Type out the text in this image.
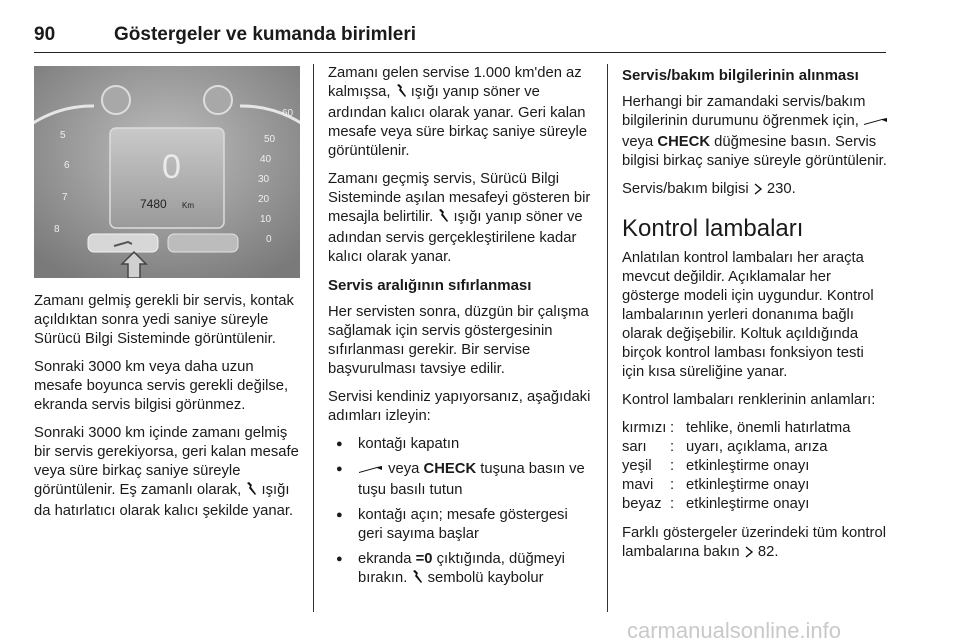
90	Göstergeler ve kumanda birimleri
5
6
7
8
60
50
40
30
20
10
0
0
7480 Km

Zamanı gelmiş gerekli bir servis, kontak açıldıktan sonra yedi saniye süreyle Sürücü Bilgi Sisteminde görüntülenir.

Sonraki 3000 km veya daha uzun mesafe boyunca servis gerekli değilse, ekranda servis bilgisi görünmez.

Sonraki 3000 km içinde zamanı gelmiş bir servis gerekiyorsa, geri kalan mesafe veya süre birkaç saniye süreyle görüntülenir. Eş zamanlı olarak, ışığı da hatırlatıcı olarak kalıcı şekilde yanar.

Zamanı gelen servise 1.000 km'den az kalmışsa, ışığı yanıp söner ve ardından kalıcı olarak yanar. Geri kalan mesafe veya süre birkaç saniye süreyle görüntülenir.

Zamanı geçmiş servis, Sürücü Bilgi Sisteminde aşılan mesafeyi gösteren bir mesajla belirtilir. ışığı yanıp söner ve adından servis gerçekleştirilene kadar kalıcı olarak yanar.

Servis aralığının sıfırlanması

Her servisten sonra, düzgün bir çalışma sağlamak için servis göstergesinin sıfırlanması gerekir. Bir servise başvurulması tavsiye edilir.

Servisi kendiniz yapıyorsanız, aşağıdaki adımları izleyin:

● kontağı kapatın
● veya CHECK tuşuna basın ve tuşu basılı tutun
● kontağı açın; mesafe göstergesi geri sayıma başlar
● ekranda =0 çıktığında, düğmeyi bırakın. sembolü kaybolur
Servis/bakım bilgilerinin alınması

Herhangi bir zamandaki servis/bakım bilgilerinin durumunu öğrenmek için,  veya CHECK düğmesine basın. Servis bilgisi birkaç saniye süreyle görüntülenir.

Servis/bakım bilgisi 230.

Kontrol lambaları

Anlatılan kontrol lambaları her araçta mevcut değildir. Açıklamalar her gösterge modeli için uygundur. Kontrol lambalarının yerleri donanıma bağlı olarak değişebilir. Koltuk açıldığında birçok kontrol lambası fonksiyon testi için kısa süreliğine yanar.

Kontrol lambaları renklerinin anlamları:

kırmızı	:	tehlike, önemli hatırlatma
sarı	:	uyarı, açıklama, arıza
yeşil	:	etkinleştirme onayı
mavi	:	etkinleştirme onayı
beyaz	:	etkinleştirme onayı

Farklı göstergeler üzerindeki tüm kontrol lambalarına bakın 82.

carmanualsonline.info
